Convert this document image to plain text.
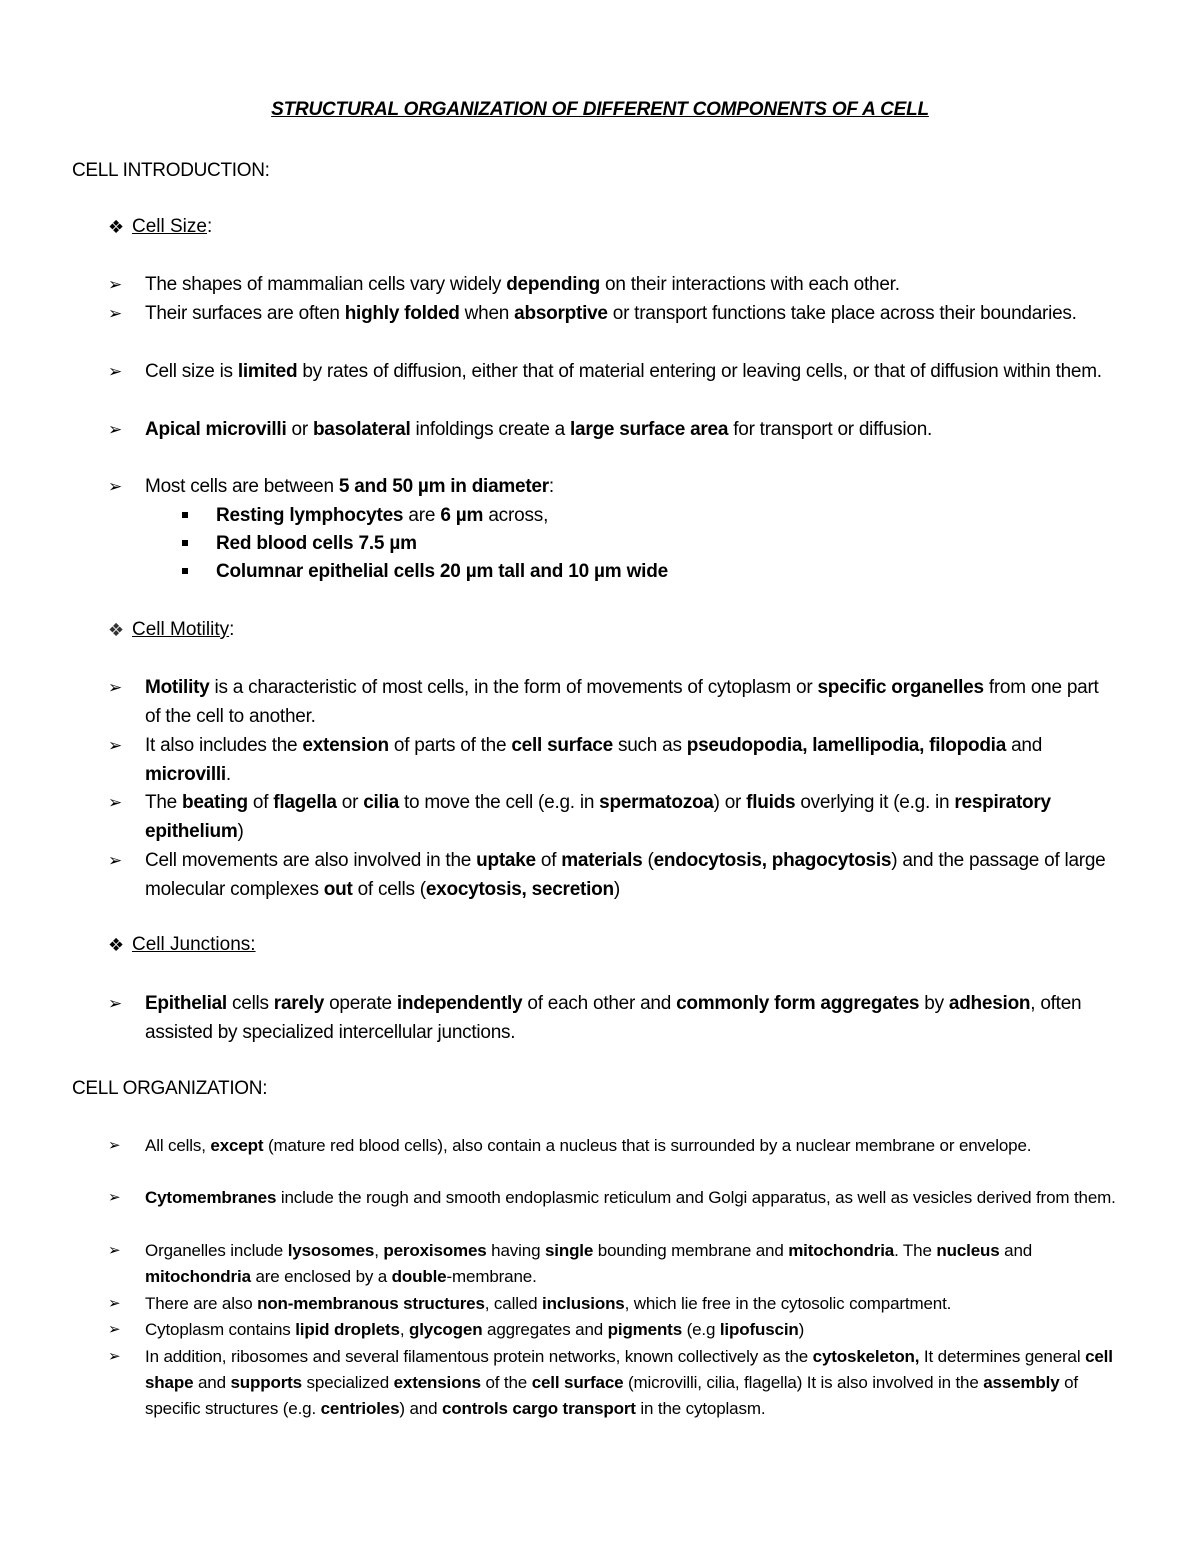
STRUCTURAL ORGANIZATION OF DIFFERENT COMPONENTS OF A CELL
CELL INTRODUCTION:
❖ Cell Size:
➢	The shapes of mammalian cells vary widely depending on their interactions with each other.
➢	Their surfaces are often highly folded when absorptive or transport functions take place across their boundaries.
➢	Cell size is limited by rates of diffusion, either that of material entering or leaving cells, or that of diffusion within them.
➢	Apical microvilli or basolateral infoldings create a large surface area for transport or diffusion.
➢	Most cells are between 5 and 50 µm in diameter:
Resting lymphocytes are 6 µm across,
Red blood cells 7.5 µm
Columnar epithelial cells 20 µm tall and 10 µm wide
❖ Cell Motility:
➢	Motility is a characteristic of most cells, in the form of movements of cytoplasm or specific organelles from one part of the cell to another.
➢	It also includes the extension of parts of the cell surface such as pseudopodia, lamellipodia, filopodia and microvilli.
➢	The beating of flagella or cilia to move the cell (e.g. in spermatozoa) or fluids overlying it (e.g. in respiratory epithelium)
➢	Cell movements are also involved in the uptake of materials (endocytosis, phagocytosis) and the passage of large molecular complexes out of cells (exocytosis, secretion)
❖ Cell Junctions:
➢	Epithelial cells rarely operate independently of each other and commonly form aggregates by adhesion, often assisted by specialized intercellular junctions.
CELL ORGANIZATION:
➢	All cells, except (mature red blood cells), also contain a nucleus that is surrounded by a nuclear membrane or envelope.
➢	Cytomembranes include the rough and smooth endoplasmic reticulum and Golgi apparatus, as well as vesicles derived from them.
➢	Organelles include lysosomes, peroxisomes having single bounding membrane and mitochondria. The nucleus and mitochondria are enclosed by a double-membrane.
➢	There are also non-membranous structures, called inclusions, which lie free in the cytosolic compartment.
➢	Cytoplasm contains lipid droplets, glycogen aggregates and pigments (e.g lipofuscin)
➢	In addition, ribosomes and several filamentous protein networks, known collectively as the cytoskeleton, It determines general cell shape and supports specialized extensions of the cell surface (microvilli, cilia, flagella) It is also involved in the assembly of specific structures (e.g. centrioles) and controls cargo transport in the cytoplasm.
